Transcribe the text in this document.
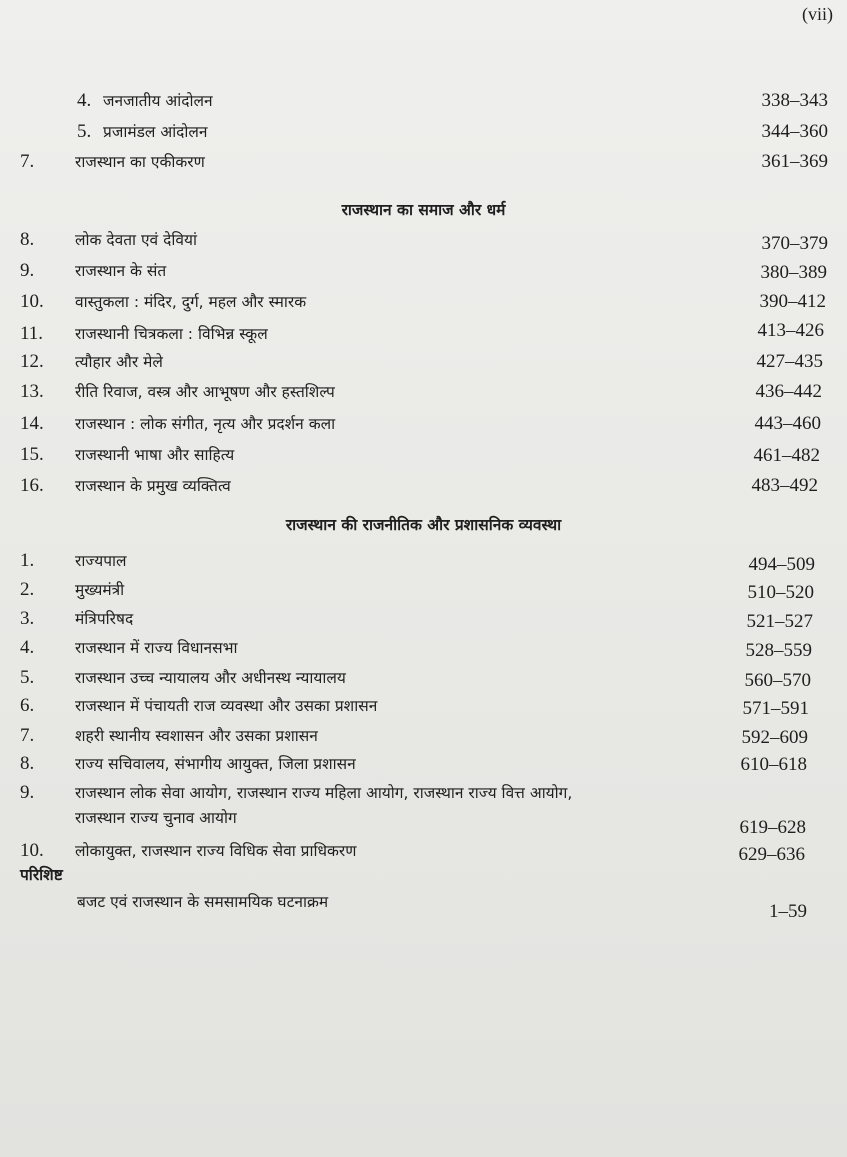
(vii)
4. जनजातीय आंदोलन	338–343
5. प्रजामंडल आंदोलन	344–360
7.	राजस्थान का एकीकरण	361–369
8.	लोक देवता एवं देवियां	370–379
9.	राजस्थान के संत	380–389
10. वास्तुकला : मंदिर, दुर्ग, महल और स्मारक	390–412
11. राजस्थानी चित्रकला : विभिन्न स्कूल	413–426
12. त्यौहार और मेले	427–435
13. रीति रिवाज, वस्त्र और आभूषण और हस्तशिल्प	436–442
14. राजस्थान : लोक संगीत, नृत्य और प्रदर्शन कला	443–460
15. राजस्थानी भाषा और साहित्य	461–482
16. राजस्थान के प्रमुख व्यक्तित्व	483–492
1.	राज्यपाल	494–509
2.	मुख्यमंत्री	510–520
3.	मंत्रिपरिषद	521–527
4.	राजस्थान में राज्य विधानसभा	528–559
5.	राजस्थान उच्च न्यायालय और अधीनस्थ न्यायालय	560–570
6.	राजस्थान में पंचायती राज व्यवस्था और उसका प्रशासन	571–591
7.	शहरी स्थानीय स्वशासन और उसका प्रशासन	592–609
8.	राज्य सचिवालय, संभागीय आयुक्त, जिला प्रशासन	610–618
9.	राजस्थान लोक सेवा आयोग, राजस्थान राज्य महिला आयोग, राजस्थान राज्य वित्त आयोग,
राजस्थान राज्य चुनाव आयोग	619–628
10. लोकायुक्त, राजस्थान राज्य विधिक सेवा प्राधिकरण	629–636
राजस्थान का समाज और धर्म
राजस्थान की राजनीतिक और प्रशासनिक व्यवस्था
परिशिष्ट
बजट एवं राजस्थान के समसामयिक घटनाक्रम	1–59
